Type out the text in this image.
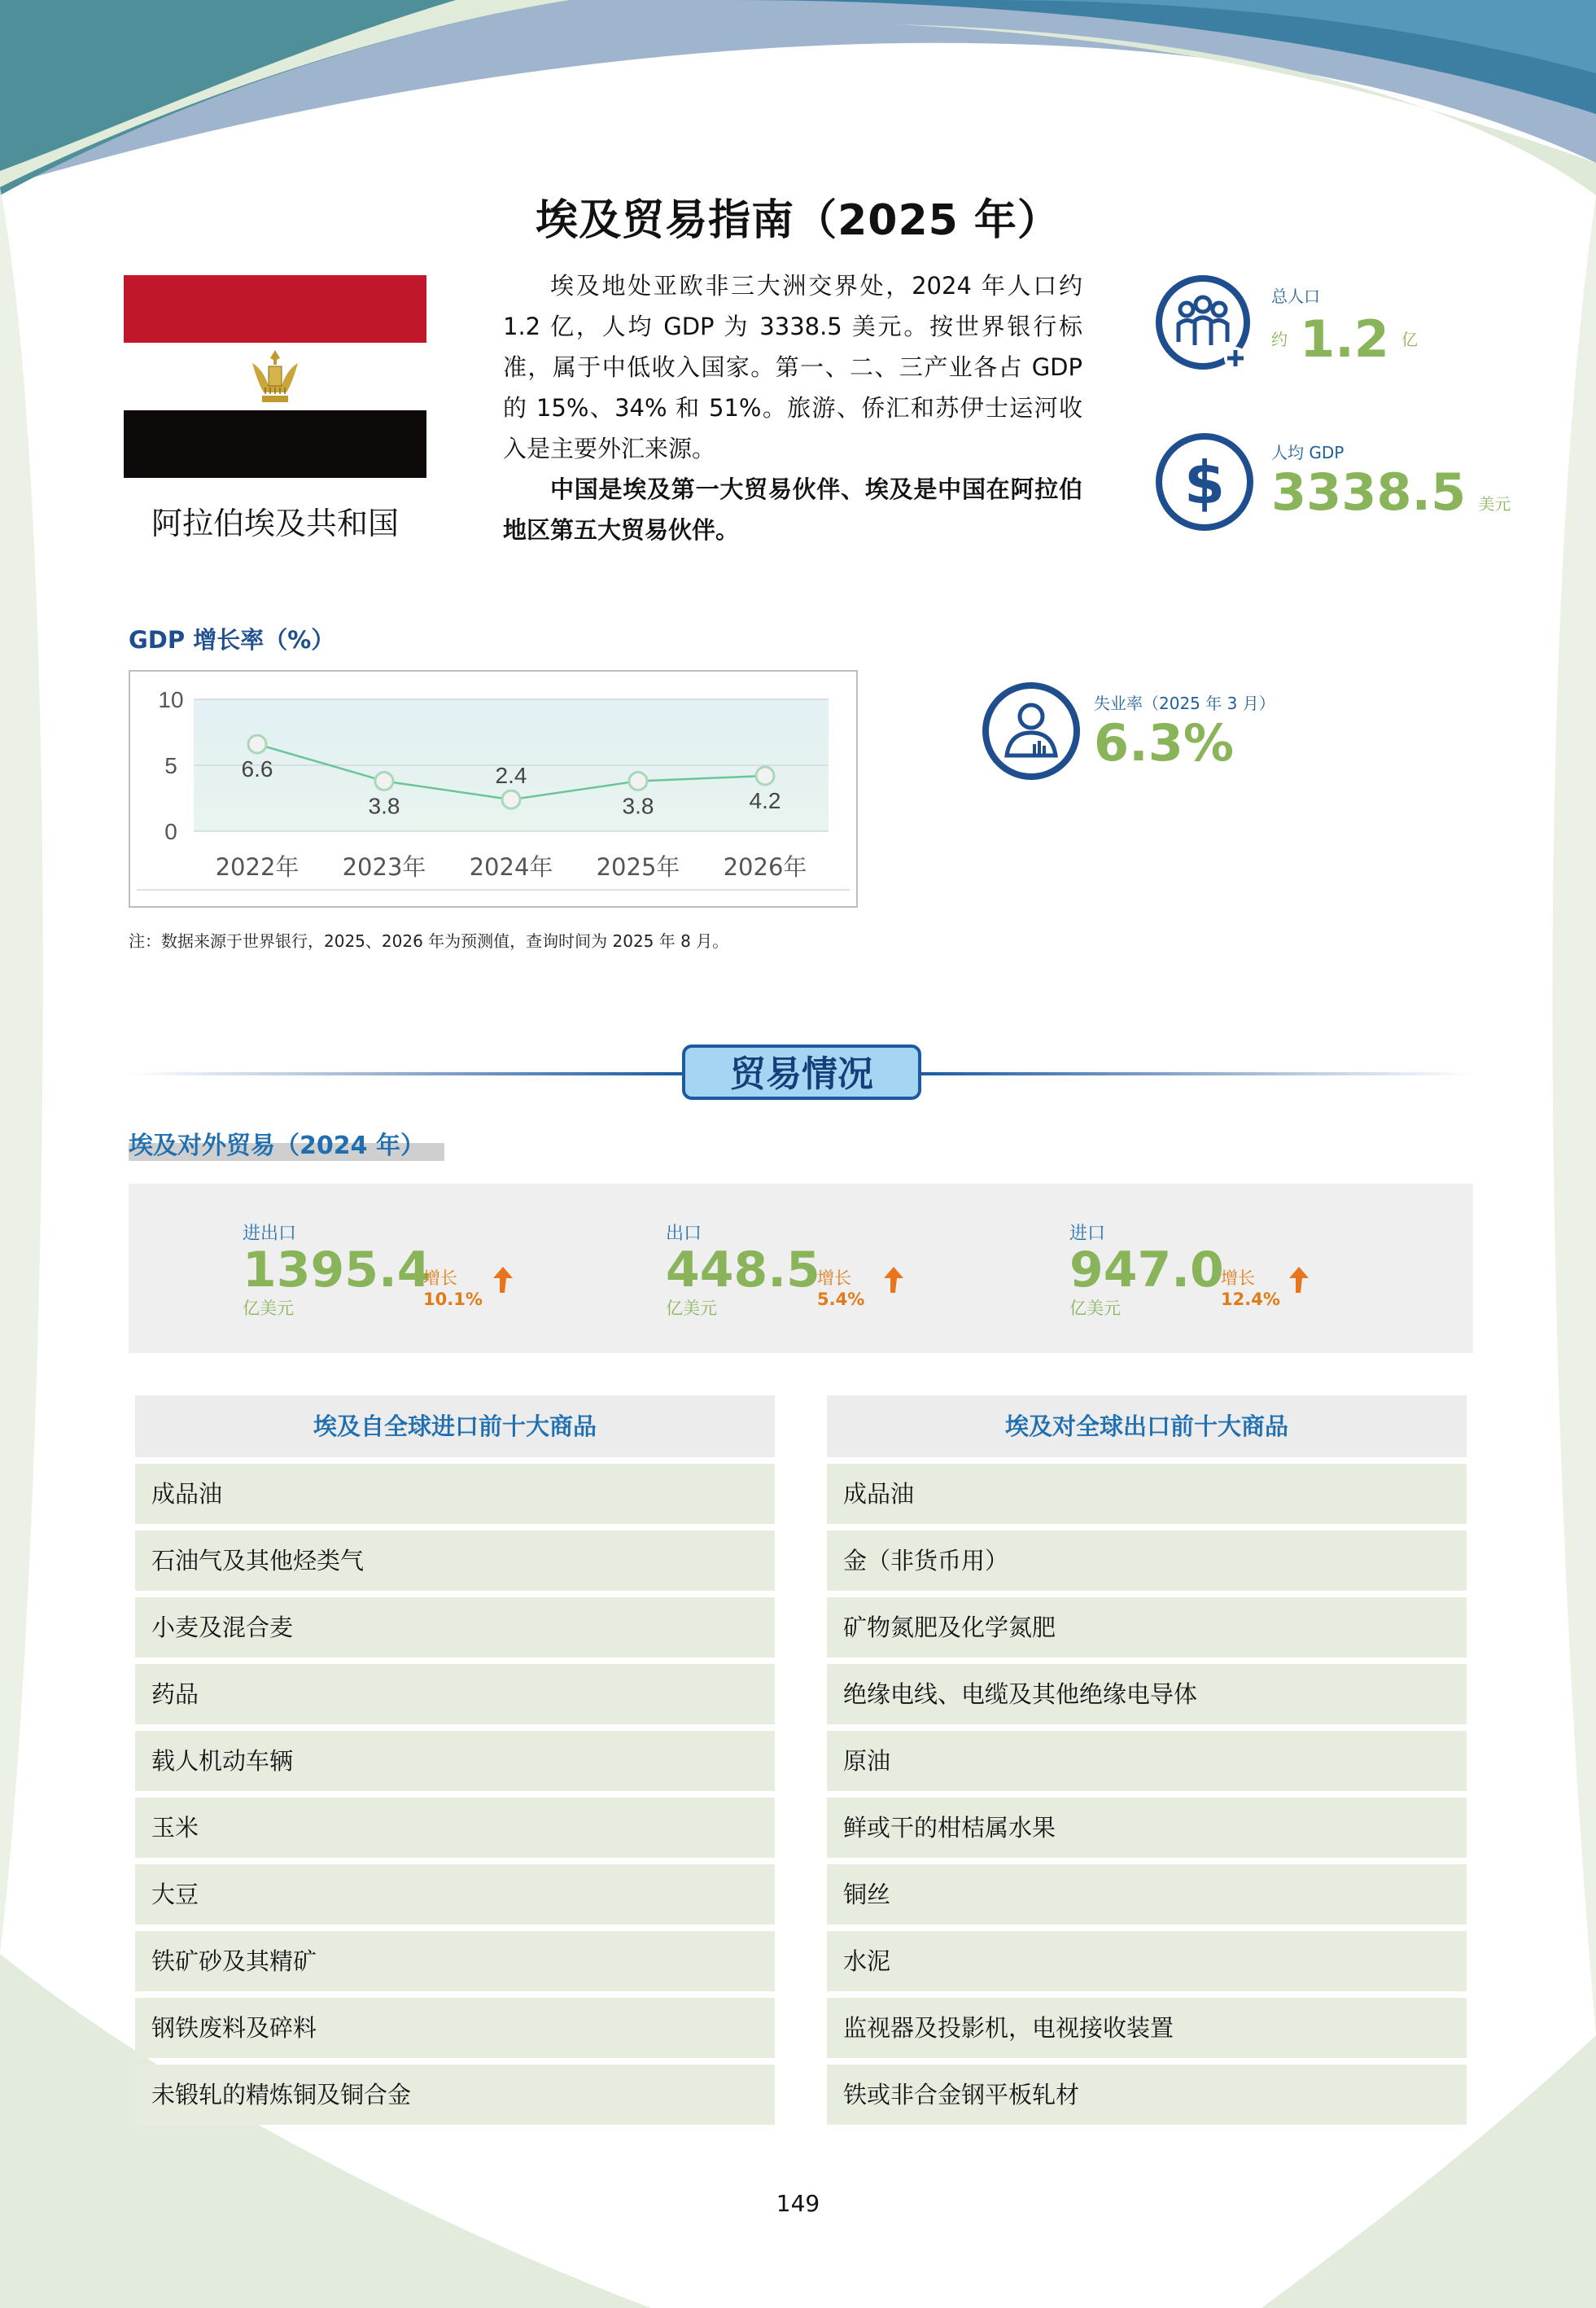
埃及贸易指南（2025 年）
阿拉伯埃及共和国

埃及地处亚欧非三大洲交界处，2024 年人口约 1.2 亿，人均 GDP 为 3338.5 美元。按世界银行标准，属于中低收入国家。第一、二、三产业各占 GDP 的 15%、34% 和 51%。旅游、侨汇和苏伊士运河收入是主要外汇来源。

中国是埃及第一大贸易伙伴、埃及是中国在阿拉伯地区第五大贸易伙伴。

总人口
约 1.2 亿
$	人均 GDP
3338.5 美元
GDP 增长率（%）
0
5
10
6.6
2022年
3.8
2023年
2.4
2024年
3.8
2025年
4.2
2026年
注：数据来源于世界银行，2025、2026 年为预测值，查询时间为 2025 年 8 月。
失业率（2025 年 3 月）
6.3%
贸易情况
埃及对外贸易（2024 年）
进出口
1395.4
亿美元
增长
10.1%
出口
448.5
亿美元
增长
5.4%
进口
947.0
亿美元
增长
12.4%
埃及自全球进口前十大商品
成品油
石油气及其他烃类气
小麦及混合麦
药品
载人机动车辆
玉米
大豆
铁矿砂及其精矿
钢铁废料及碎料
未锻轧的精炼铜及铜合金
埃及对全球出口前十大商品
成品油
金（非货币用）
矿物氮肥及化学氮肥
绝缘电线、电缆及其他绝缘电导体
原油
鲜或干的柑桔属水果
铜丝
水泥
监视器及投影机，电视接收装置
铁或非合金钢平板轧材
149
